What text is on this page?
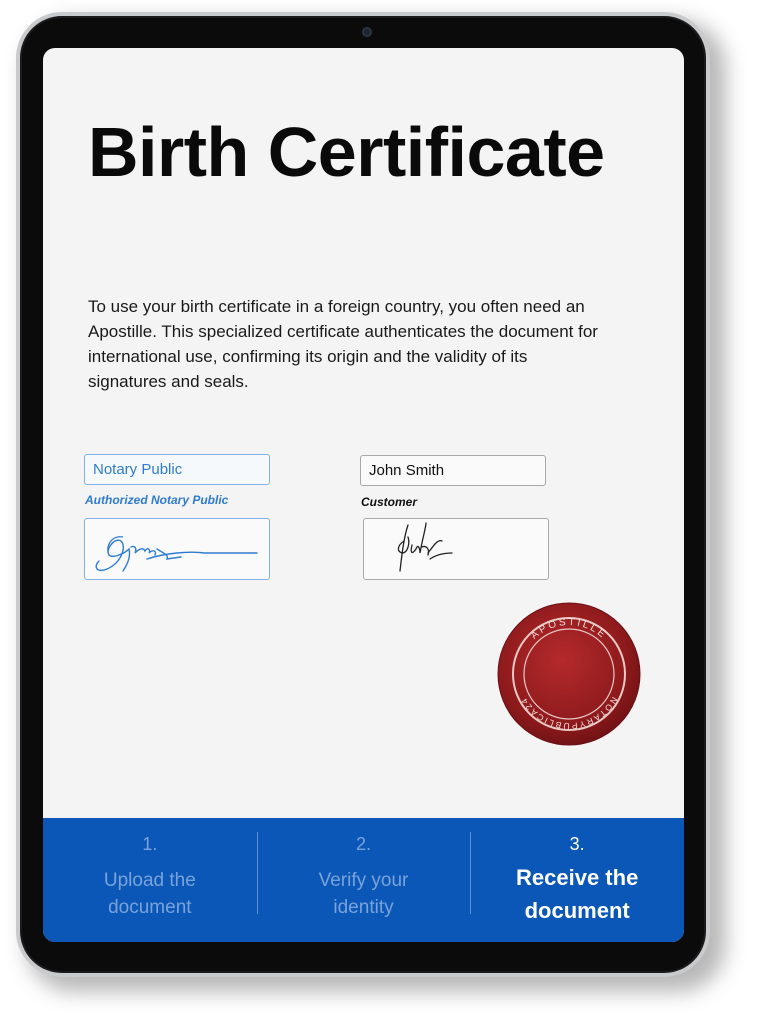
Birth Certificate

To use your birth certificate in a foreign country, you often need an Apostille. This specialized certificate authenticates the document for international use, confirming its origin and the validity of its signatures and seals.

Notary Public
Authorized Notary Public
John Smith
Customer
APOSTILLE
NOTARYPUBLICA24
1.
Upload the document
2.
Verify your identity
3.
Receive the document
